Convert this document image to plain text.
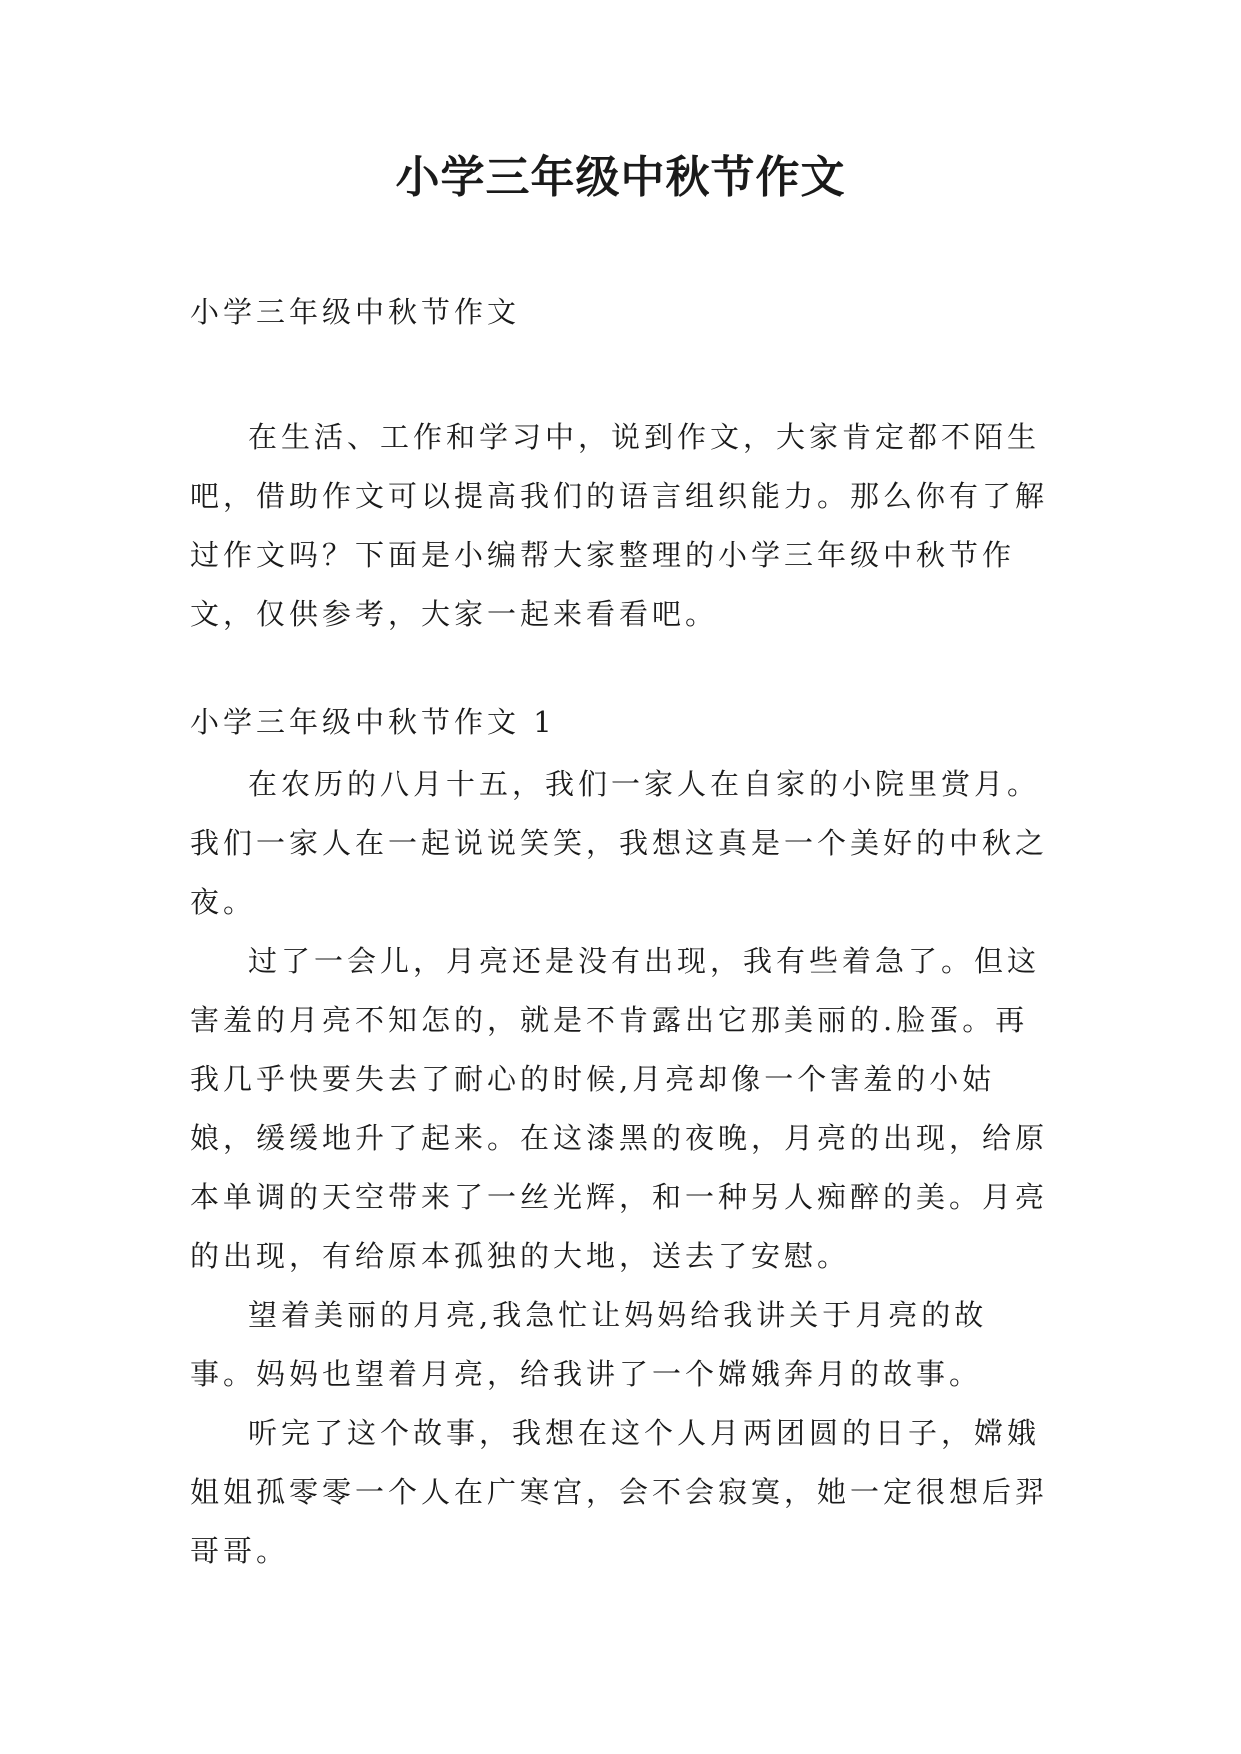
小学三年级中秋节作文
小学三年级中秋节作文

在生活、工作和学习中，说到作文，大家肯定都不陌生吧，借助作文可以提高我们的语言组织能力。那么你有了解过作文吗？下面是小编帮大家整理的小学三年级中秋节作文，仅供参考，大家一起来看看吧。

小学三年级中秋节作文 1

在农历的八月十五，我们一家人在自家的小院里赏月。我们一家人在一起说说笑笑，我想这真是一个美好的中秋之夜。

过了一会儿，月亮还是没有出现，我有些着急了。但这害羞的月亮不知怎的，就是不肯露出它那美丽的.脸蛋。再我几乎快要失去了耐心的时候,月亮却像一个害羞的小姑娘，缓缓地升了起来。在这漆黑的夜晚，月亮的出现，给原本单调的天空带来了一丝光辉，和一种另人痴醉的美。月亮的出现，有给原本孤独的大地，送去了安慰。

望着美丽的月亮,我急忙让妈妈给我讲关于月亮的故事。妈妈也望着月亮，给我讲了一个嫦娥奔月的故事。

听完了这个故事，我想在这个人月两团圆的日子，嫦娥姐姐孤零零一个人在广寒宫，会不会寂寞，她一定很想后羿哥哥。
